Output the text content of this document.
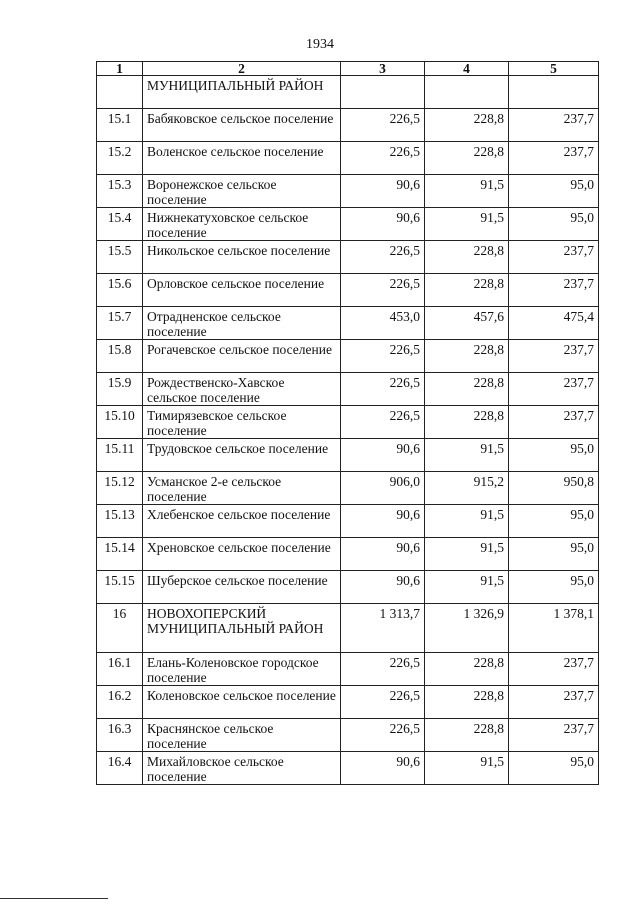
1934
1	2	3	4	5
	МУНИЦИПАЛЬНЫЙ РАЙОН			
15.1	Бабяковское сельское поселение	226,5	228,8	237,7
15.2	Воленское сельское поселение	226,5	228,8	237,7
15.3	Воронежское сельское поселение	90,6	91,5	95,0
15.4	Нижнекатуховское сельское поселение	90,6	91,5	95,0
15.5	Никольское сельское поселение	226,5	228,8	237,7
15.6	Орловское сельское поселение	226,5	228,8	237,7
15.7	Отрадненское сельское поселение	453,0	457,6	475,4
15.8	Рогачевское сельское поселение	226,5	228,8	237,7
15.9	Рождественско-Хавское сельское поселение	226,5	228,8	237,7
15.10	Тимирязевское сельское поселение	226,5	228,8	237,7
15.11	Трудовское сельское поселение	90,6	91,5	95,0
15.12	Усманское 2-е сельское поселение	906,0	915,2	950,8
15.13	Хлебенское сельское поселение	90,6	91,5	95,0
15.14	Хреновское сельское поселение	90,6	91,5	95,0
15.15	Шуберское сельское поселение	90,6	91,5	95,0
16	НОВОХОПЕРСКИЙ МУНИЦИПАЛЬНЫЙ РАЙОН	1 313,7	1 326,9	1 378,1
16.1	Елань-Коленовское городское поселение	226,5	228,8	237,7
16.2	Коленовское сельское поселение	226,5	228,8	237,7
16.3	Краснянское сельское поселение	226,5	228,8	237,7
16.4	Михайловское сельское поселение	90,6	91,5	95,0
